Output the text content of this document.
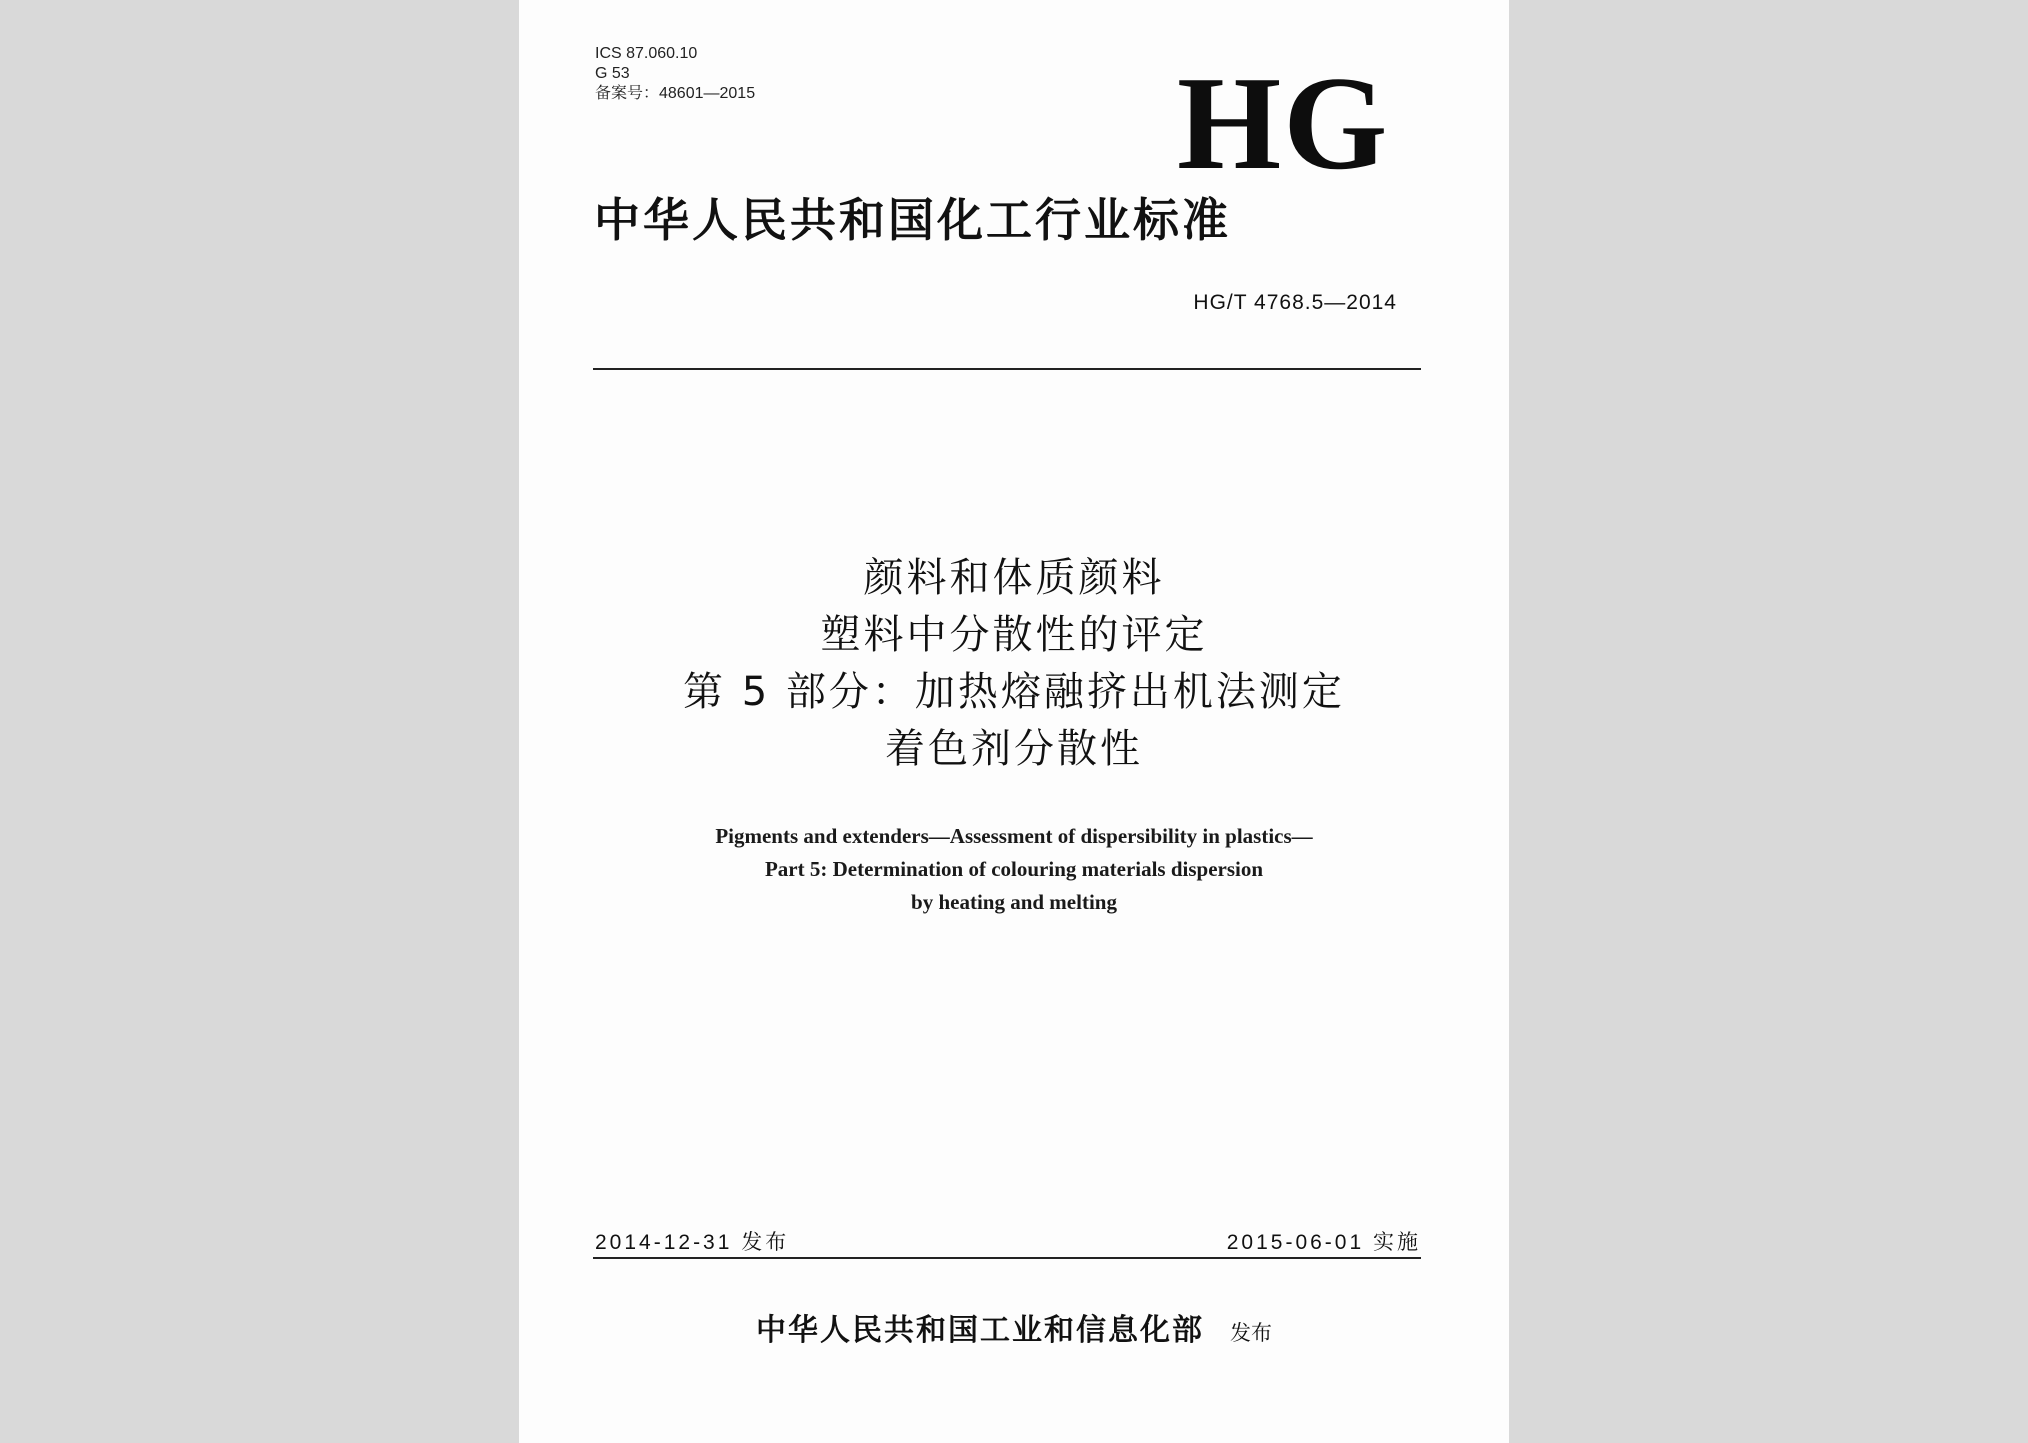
ICS 87.060.10
G 53
备案号：48601—2015	HG
中华人民共和国化工行业标准
HG/T 4768.5—2014
颜料和体质颜料
塑料中分散性的评定
第 5 部分：加热熔融挤出机法测定
着色剂分散性
Pigments and extenders—Assessment of dispersibility in plastics—
Part 5: Determination of colouring materials dispersion
by heating and melting
2014-12-31 发布	2015-06-01 实施
中华人民共和国工业和信息化部 发布
